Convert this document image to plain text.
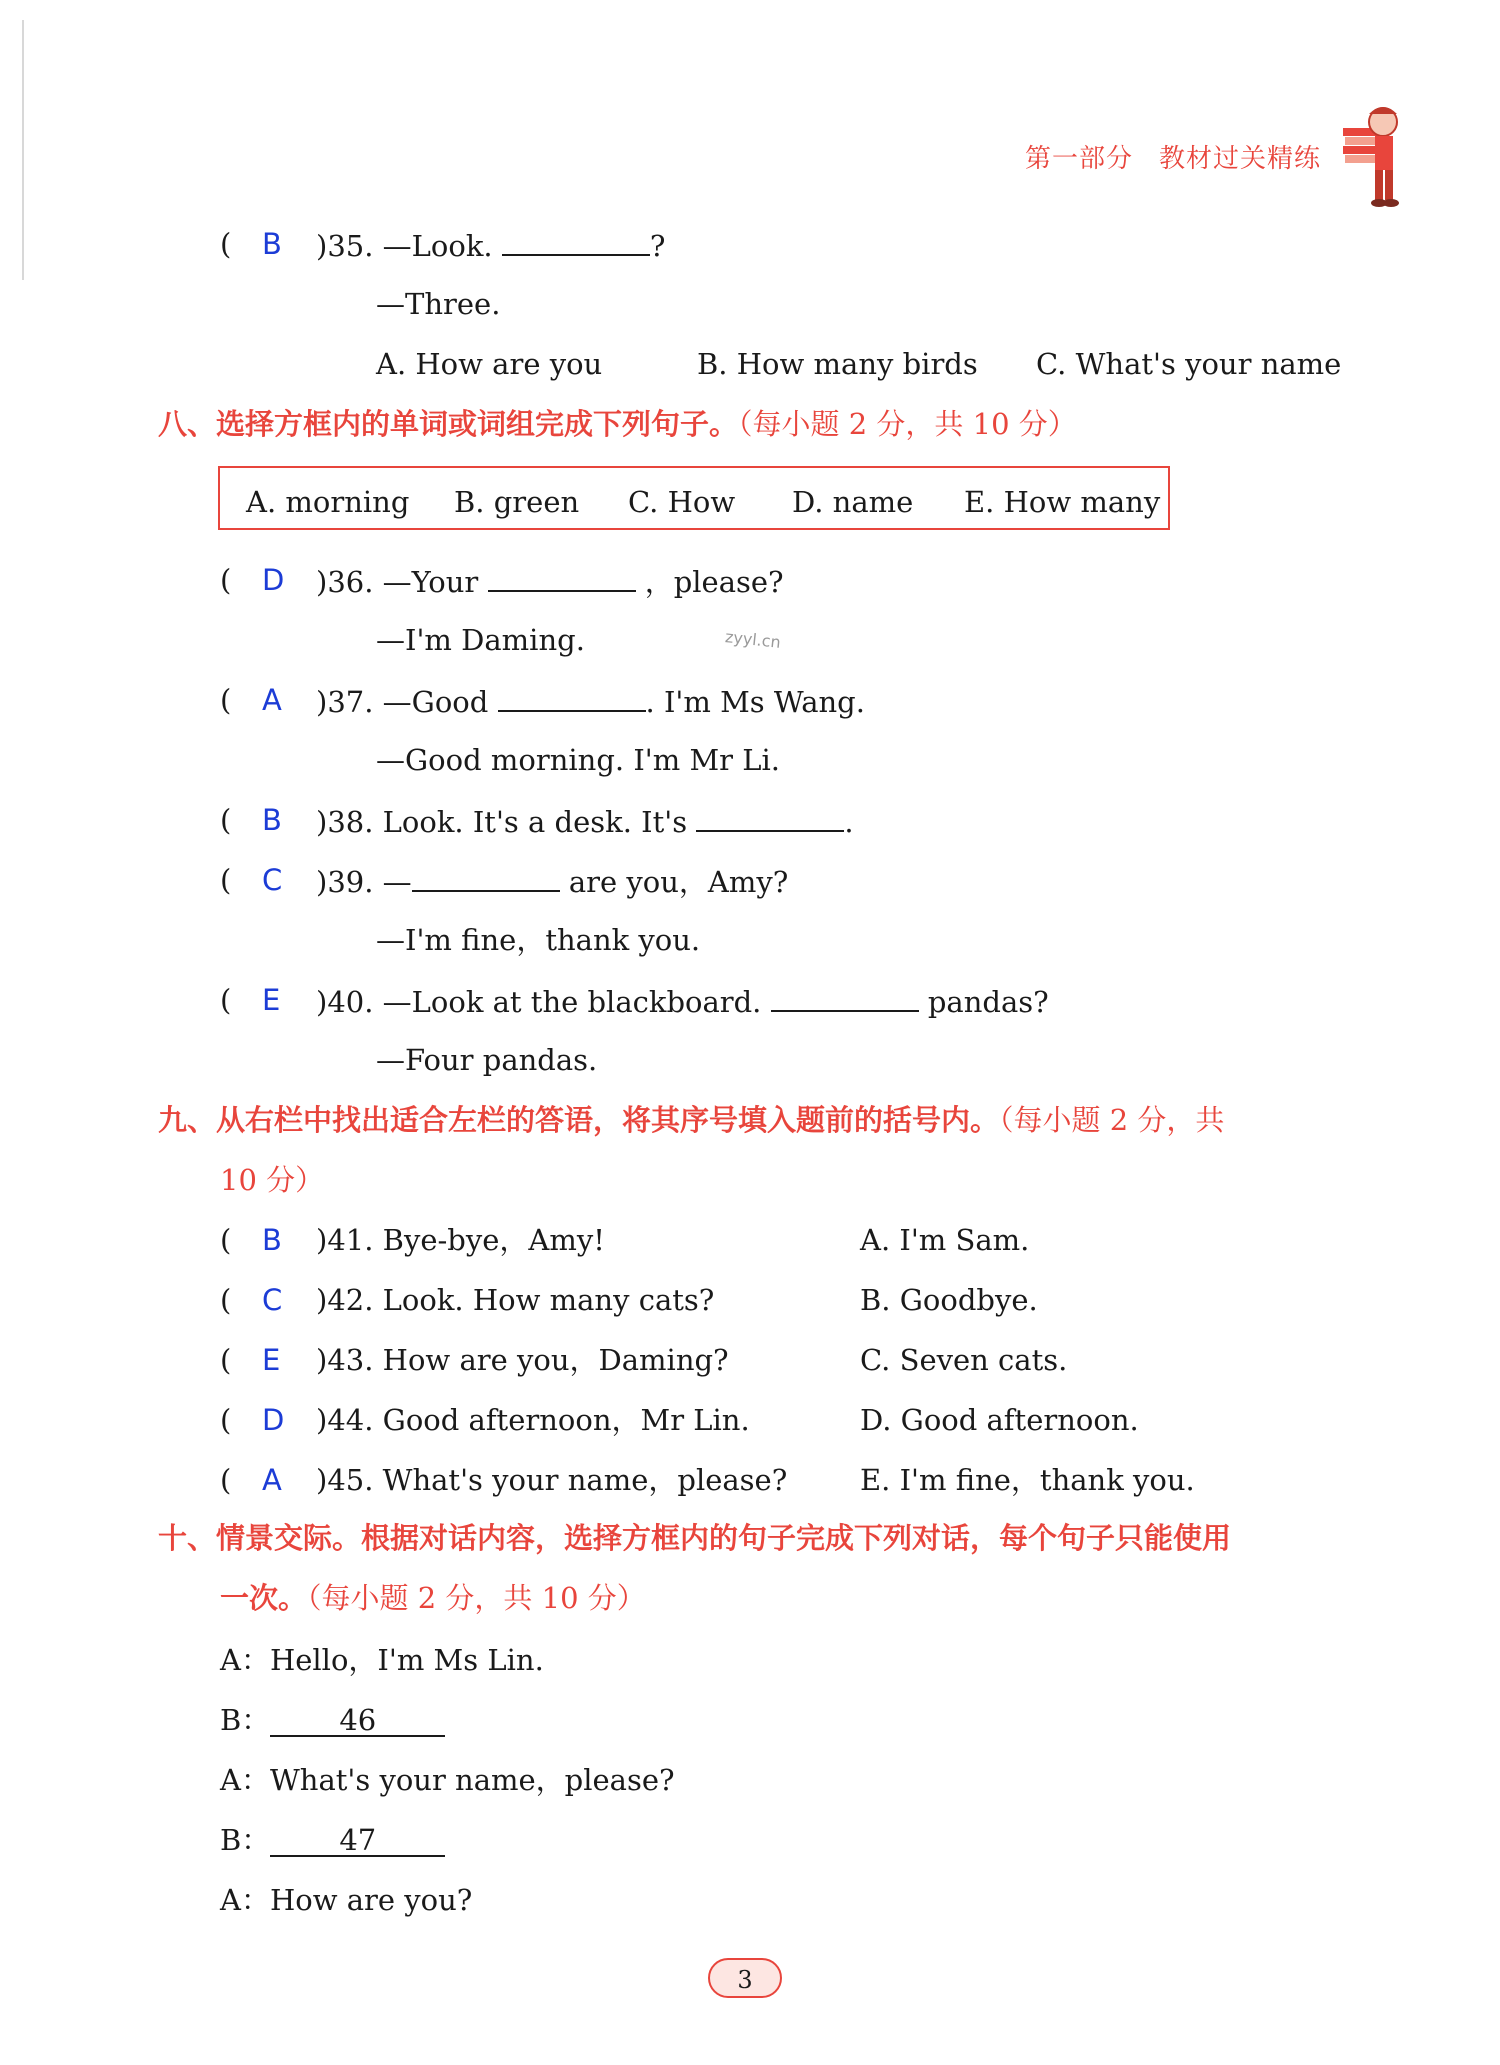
第一部分 教材过关精练
( B )35. —Look.	?
—Three.
A. How are you	B. How many birds C. What's your name
八、选择方框内的单词或词组完成下列句子。（每小题 2 分，共 10 分）
A. morning B. green C. How D. name E. How many
( D )36. —Your	，please?
—I'm Daming.	zyyl.cn
( A )37. —Good	. I'm Ms Wang.
—Good morning. I'm Mr Li.
( B )38. Look. It's a desk. It's	.
( C )39. —	are you，Amy?
—I'm fine，thank you.
( E )40. —Look at the blackboard.	pandas?
—Four pandas.
九、从右栏中找出适合左栏的答语，将其序号填入题前的括号内。（每小题 2 分，共
10 分）
( B )41. Bye-bye，Amy!	A. I'm Sam.
( C )42. Look. How many cats?	B. Goodbye.
( E )43. How are you，Daming?	C. Seven cats.
( D )44. Good afternoon，Mr Lin.	D. Good afternoon.
( A )45. What's your name，please?	E. I'm fine，thank you.
十、情景交际。根据对话内容，选择方框内的句子完成下列对话，每个句子只能使用
一次。（每小题 2 分，共 10 分）
A：Hello，I'm Ms Lin.
B： 46
A：What's your name，please?
B： 47
A：How are you?
3
